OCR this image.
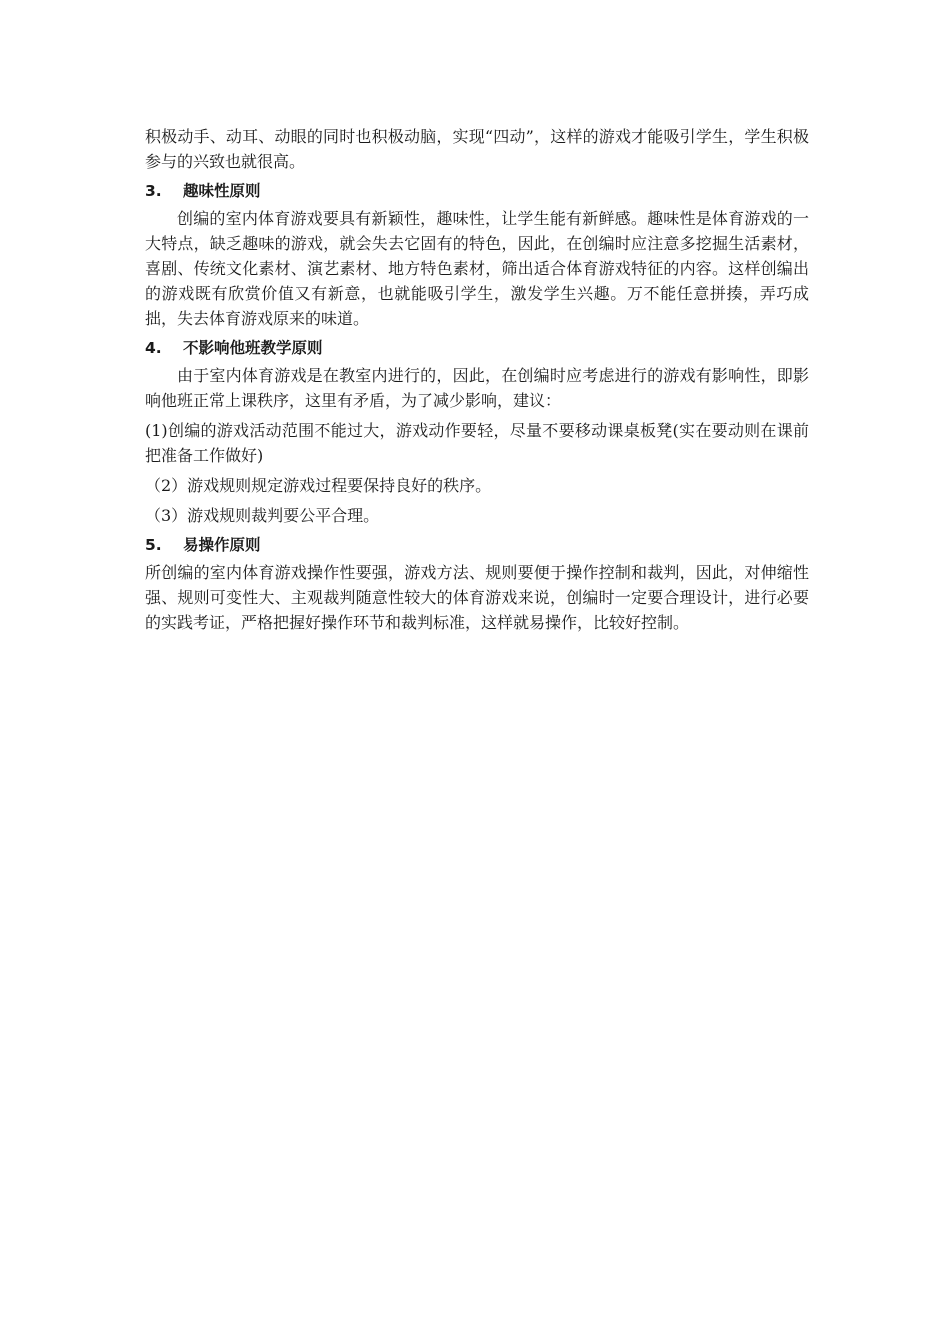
积极动手、动耳、动眼的同时也积极动脑，实现“四动”，这样的游戏才能吸引学生，学生积极参与的兴致也就很高。

3.	趣味性原则

创编的室内体育游戏要具有新颖性，趣味性，让学生能有新鲜感。趣味性是体育游戏的一大特点，缺乏趣味的游戏，就会失去它固有的特色，因此，在创编时应注意多挖掘生活素材，喜剧、传统文化素材、演艺素材、地方特色素材，筛出适合体育游戏特征的内容。这样创编出的游戏既有欣赏价值又有新意，也就能吸引学生，激发学生兴趣。万不能任意拼揍，弄巧成拙，失去体育游戏原来的味道。

4.	不影响他班教学原则

由于室内体育游戏是在教室内进行的，因此，在创编时应考虑进行的游戏有影响性，即影响他班正常上课秩序，这里有矛盾，为了减少影响，建议：

(1)创编的游戏活动范围不能过大，游戏动作要轻，尽量不要移动课桌板凳(实在要动则在课前把准备工作做好)

（2）游戏规则规定游戏过程要保持良好的秩序。

（3）游戏规则裁判要公平合理。

5.	易操作原则

所创编的室内体育游戏操作性要强，游戏方法、规则要便于操作控制和裁判，因此，对伸缩性强、规则可变性大、主观裁判随意性较大的体育游戏来说，创编时一定要合理设计，进行必要的实践考证，严格把握好操作环节和裁判标准，这样就易操作，比较好控制。
